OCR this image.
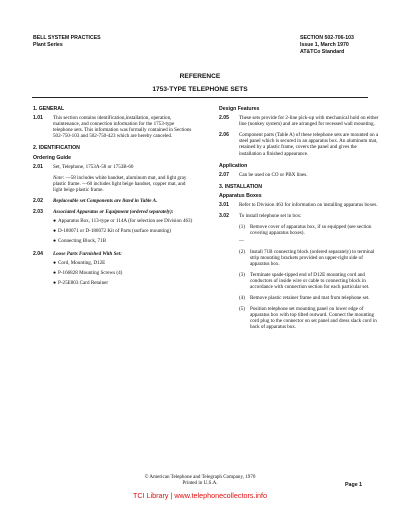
BELL SYSTEM PRACTICES
Plant Series
SECTION 502-706-103
Issue 1, March 1970
AT&TCo Standard
REFERENCE
1753-TYPE TELEPHONE SETS
1. GENERAL
1.01	This section contains identification,installation, operation, maintenance, and connection information for the 1753-type telephone sets. This information was formally contained in Sections 502-750-103 and 502-750-423 which are hereby canceled.
2. IDENTIFICATION
Ordering Guide
2.01	Set, Telephone, 1753A-58 or 1753B-60
Note: —58 includes white handset, aluminum mat, and light gray plastic frame. —60 includes light beige handset, copper mat, and light beige plastic frame.
2.02	Replaceable set Components are listed in Table A.
2.03	Associated Apparatus or Equipment (ordered separately):
● Apparatus Box, 113-type or 114A (for selection see Division 463)
● D-180071 or D-180072 Kit of Parts (surface mounting)
● Connecting Block, 71B
2.04	Loose Parts Furnished With Set:
● Cord, Mounting, D12E
● P-166828 Mounting Screws (4)
● P-25E803 Card Retainer
Design Features
2.05	These sets provide for 2-line pick-up with mechanical hold on either line (nonkey system) and are arranged for recessed wall mounting.
2.06	Component parts (Table A) of these telephone sets are mounted on a steel panel which is secured in an apparatus box. An aluminum mat, retained by a plastic frame, covers the panel and gives the installation a finished appearance.
Application
2.07	Can be used on CO or PBX lines.
3. INSTALLATION
Apparatus Boxes
3.01	Refer to Division 463 for information on installing apparatus boxes.
3.02	To install telephone set in box:
(1) Remove cover of apparatus box, if so equipped (see section covering apparatus boxes).
—
(2) Install 71B connecting block (ordered separately) to terminal strip mounting brackets provided on upper-right side of apparatus box.
(3) Terminate spade-tipped end of D12E mounting cord and conductors of inside wire or cable to connecting block in accordance with connection section for each particular set.
(4) Remove plastic retainer frame and mat from telephone set.
(5) Position telephone set mounting panel on lower edge of apparatus box with top tilted outward. Connect the mounting cord plug to the connector on set panel and dress slack cord in back of apparatus box.
© American Telephone and Telegraph Company, 1970
Printed in U.S.A.	Page 1
TCI Library | www.telephonecollectors.info
